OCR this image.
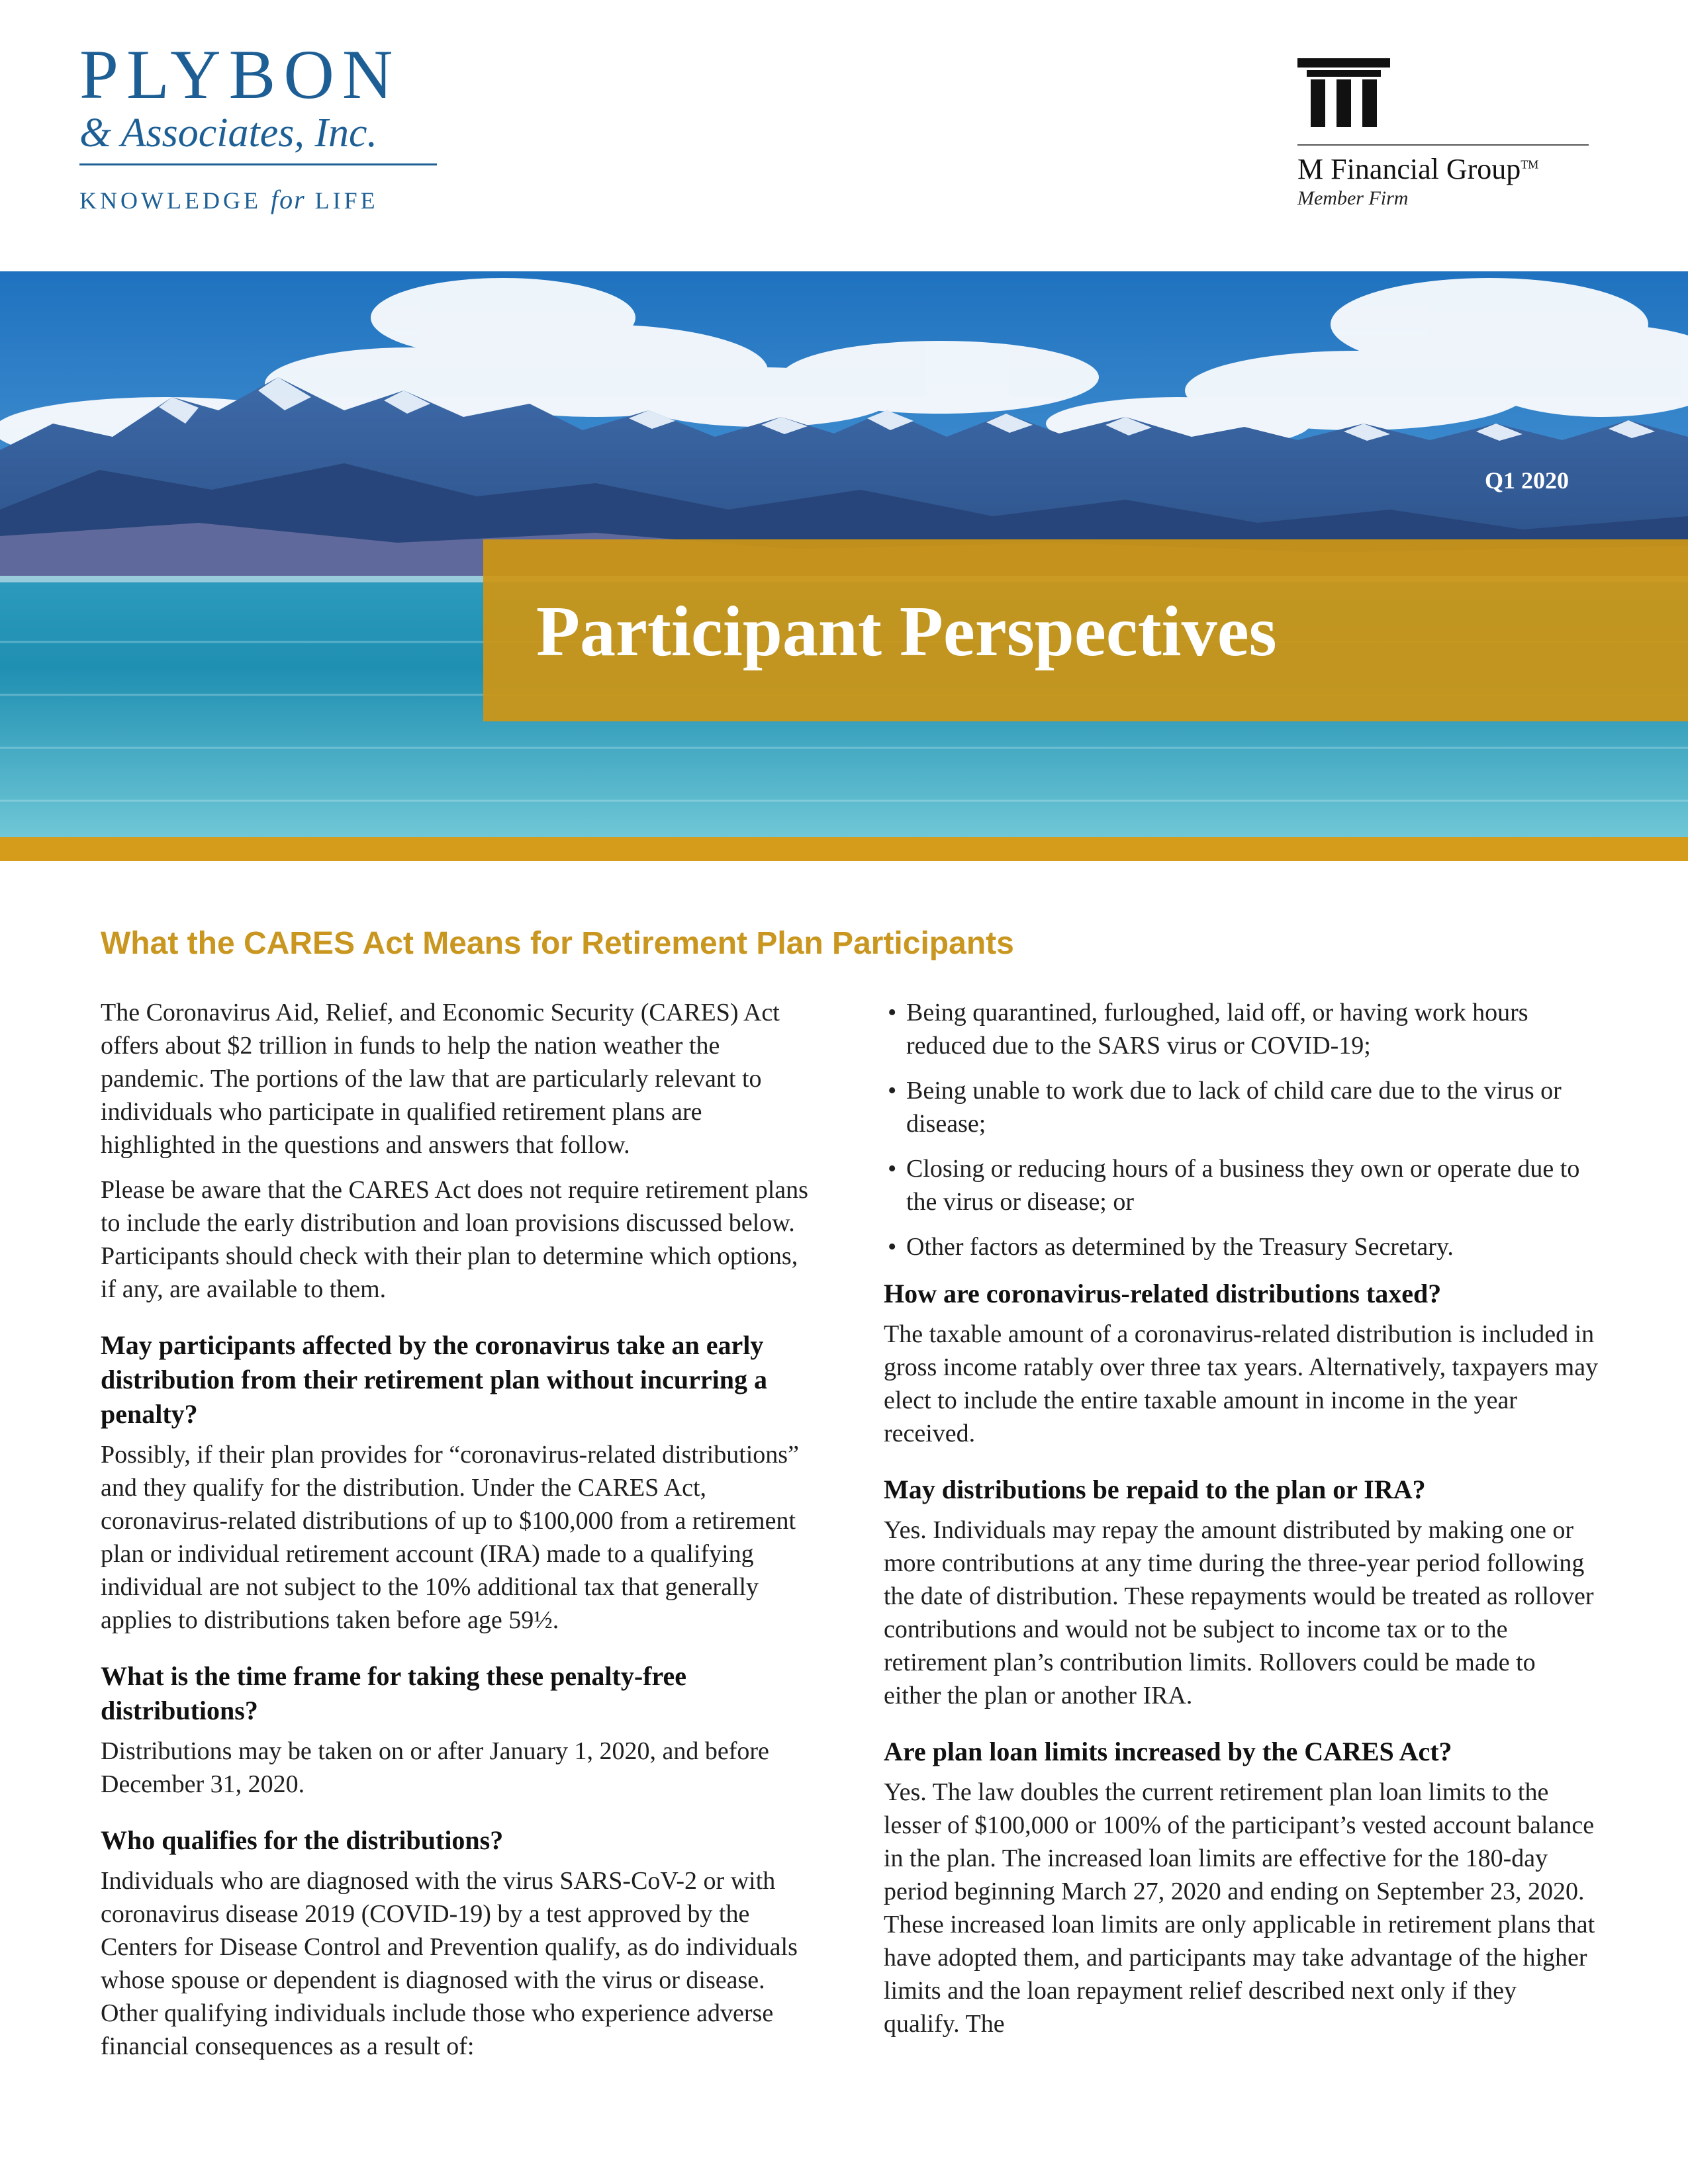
PLYBON
& Associates, Inc.
KNOWLEDGE for LIFE
M Financial Group™
Member Firm
Q1 2020
Participant Perspectives
What the CARES Act Means for Retirement Plan Participants

The Coronavirus Aid, Relief, and Economic Security (CARES) Act offers about $2 trillion in funds to help the nation weather the pandemic. The portions of the law that are particularly relevant to individuals who participate in qualified retirement plans are highlighted in the questions and answers that follow.

Please be aware that the CARES Act does not require retirement plans to include the early distribution and loan provisions discussed below. Participants should check with their plan to determine which options, if any, are available to them.

May participants affected by the coronavirus take an early distribution from their retirement plan without incurring a penalty?

Possibly, if their plan provides for “coronavirus-related distributions” and they qualify for the distribution. Under the CARES Act, coronavirus-related distributions of up to $100,000 from a retirement plan or individual retirement account (IRA) made to a qualifying individual are not subject to the 10% additional tax that generally applies to distributions taken before age 59½.

What is the time frame for taking these penalty-free distributions?

Distributions may be taken on or after January 1, 2020, and before December 31, 2020.

Who qualifies for the distributions?

Individuals who are diagnosed with the virus SARS-CoV-2 or with coronavirus disease 2019 (COVID-19) by a test approved by the Centers for Disease Control and Prevention qualify, as do individuals whose spouse or dependent is diagnosed with the virus or disease. Other qualifying individuals include those who experience adverse financial consequences as a result of:

• Being quarantined, furloughed, laid off, or having work hours reduced due to the SARS virus or COVID-19;
• Being unable to work due to lack of child care due to the virus or disease;
• Closing or reducing hours of a business they own or operate due to the virus or disease; or
• Other factors as determined by the Treasury Secretary.
How are coronavirus-related distributions taxed?

The taxable amount of a coronavirus-related distribution is included in gross income ratably over three tax years. Alternatively, taxpayers may elect to include the entire taxable amount in income in the year received.

May distributions be repaid to the plan or IRA?

Yes. Individuals may repay the amount distributed by making one or more contributions at any time during the three-year period following the date of distribution. These repayments would be treated as rollover contributions and would not be subject to income tax or to the retirement plan’s contribution limits. Rollovers could be made to either the plan or another IRA.

Are plan loan limits increased by the CARES Act?

Yes. The law doubles the current retirement plan loan limits to the lesser of $100,000 or 100% of the participant’s vested account balance in the plan. The increased loan limits are effective for the 180-day period beginning March 27, 2020 and ending on September 23, 2020. These increased loan limits are only applicable in retirement plans that have adopted them, and participants may take advantage of the higher limits and the loan repayment relief described next only if they qualify. The
